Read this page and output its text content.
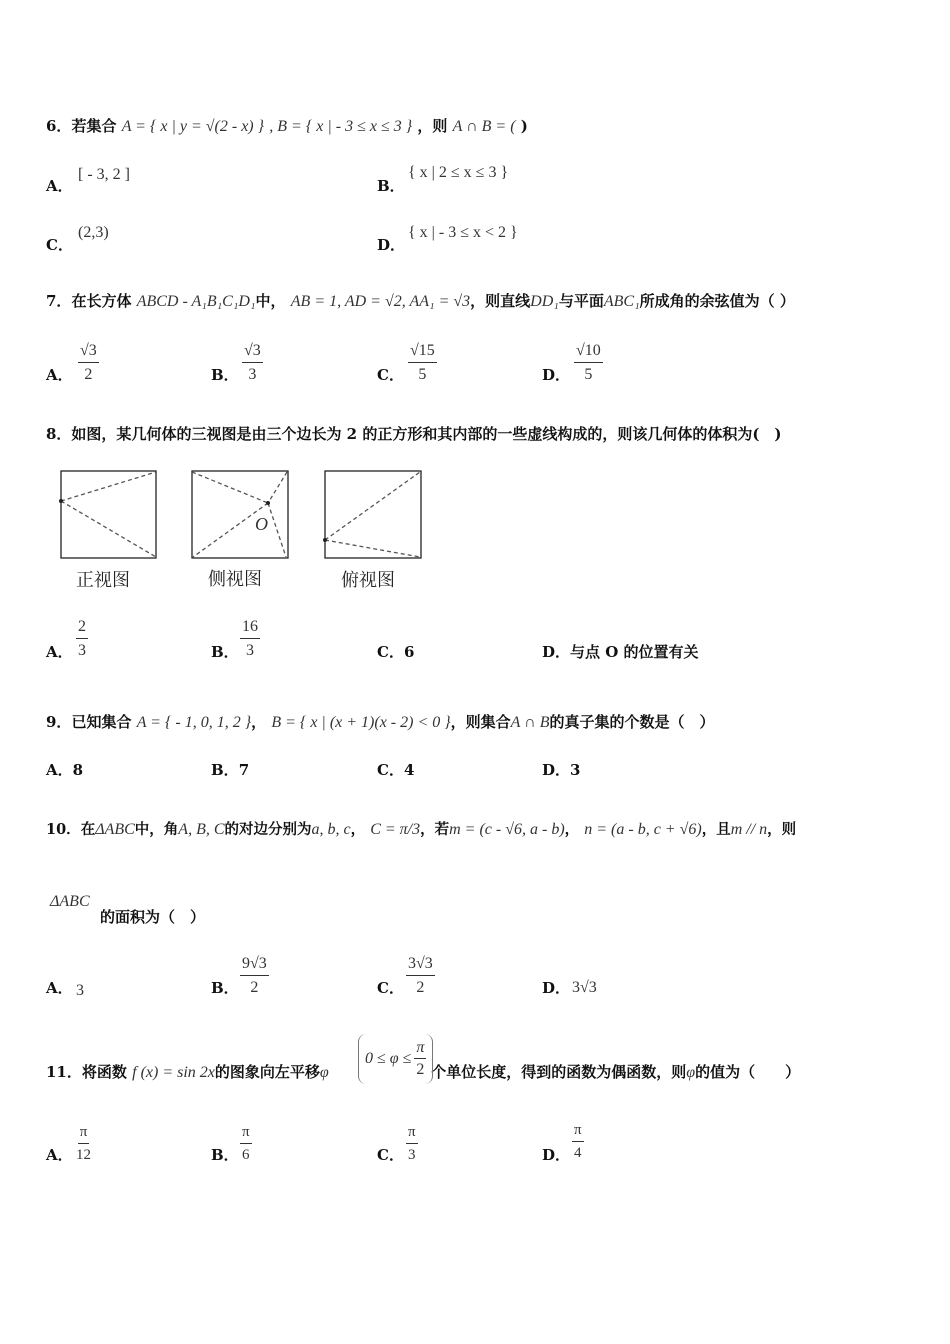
6．若集合 A = { x | y = √(2 - x) } , B = { x | - 3 ≤ x ≤ 3 } ，则 A ∩ B = ( )
A．
[ - 3, 2 ]
B．
{ x | 2 ≤ x ≤ 3 }
C．
(2,3)
D．
{ x | - 3 ≤ x < 2 }
7．在长方体 ABCD - A₁B₁C₁D₁中， AB = 1, AD = √2, AA₁ = √3，则直线DD₁与平面ABC₁所成角的余弦值为（ ）
A． $\frac{√3}{2}$	B． $\frac{√3}{3}$	C． $\frac{√15}{5}$	D． $\frac{√10}{5}$
8．如图，某几何体的三视图是由三个边长为 2 的正方形和其内部的一些虚线构成的，则该几何体的体积为(　)
O
正视图	侧视图	俯视图
A． $\frac{2}{3}$	B． $\frac{16}{3}$	C．6	D．与点 O 的位置有关
9．已知集合 A = { - 1, 0, 1, 2 }， B = { x | (x + 1)(x - 2) < 0 }，则集合A ∩ B的真子集的个数是（　）
A．8	B．7	C．4	D．3
10．在ΔABC中，角A, B, C的对边分别为a, b, c， C = π/3，若m = (c - √6, a - b)， n = (a - b, c + √6)，且m // n，则
ΔABC
的面积为（　）
A． 3	B． $\frac{9√3}{2}$	C． $\frac{3√3}{2}$	D． 3√3
11．将函数 f (x) = sin 2x的图象向左平移φ	个单位长度，得到的函数为偶函数，则φ的值为（　　）
$0 \le \varphi \le \frac{\pi}{2}$
A． $\frac{\pi}{12}$	B． $\frac{\pi}{6}$	C． $\frac{\pi}{3}$	D． $\frac{\pi}{4}$
